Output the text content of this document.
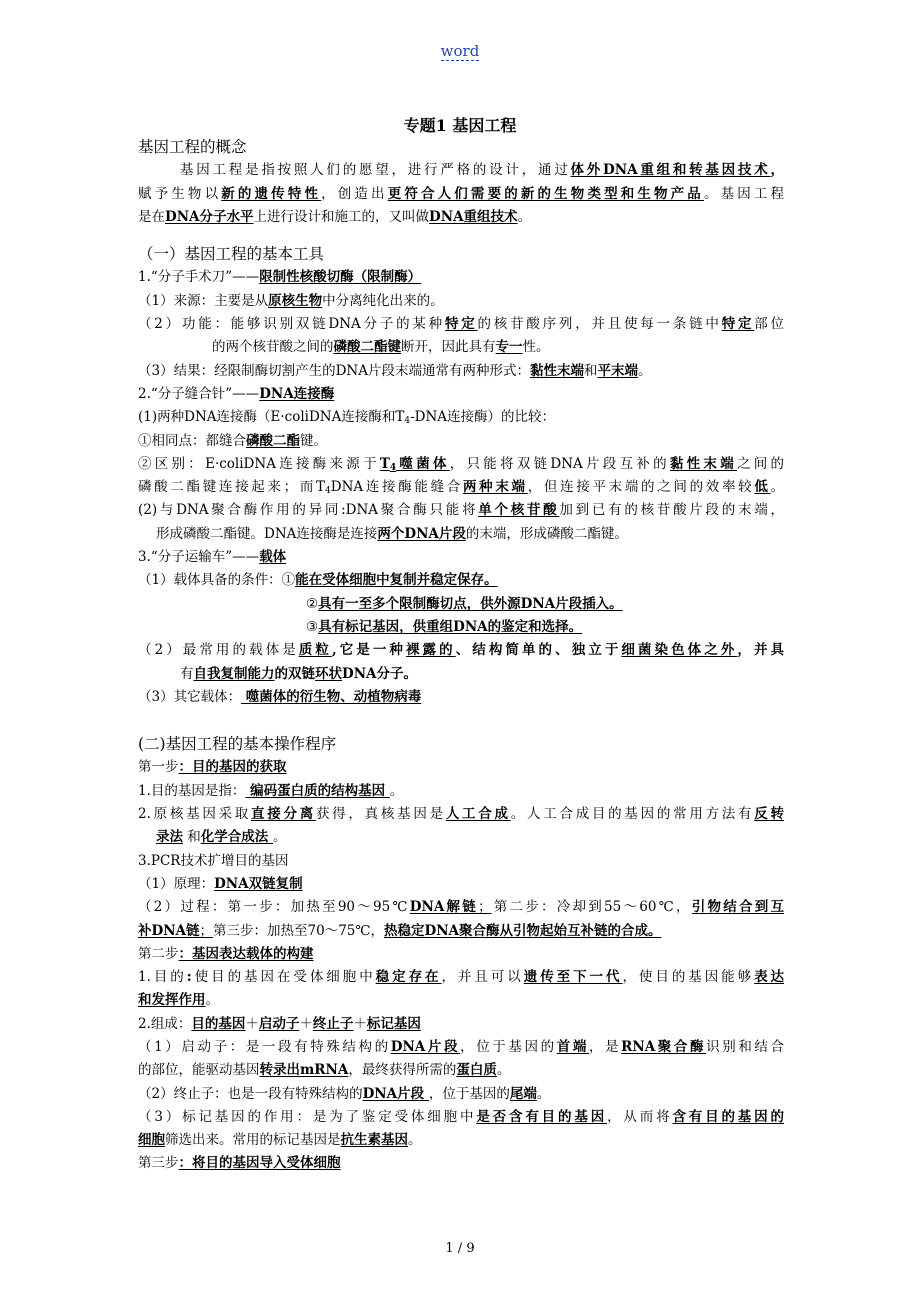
word
专题1 基因工程
基因工程的概念
基因工程是指按照人们的愿望，进行严格的设计，通过体外DNA重组和转基因技术，
赋予生物以新的遗传特性，创造出更符合人们需要的新的生物类型和生物产品。基因工程
是在DNA分子水平上进行设计和施工的，又叫做DNA重组技术。
（一）基因工程的基本工具
1.“分子手术刀”——限制性核酸切酶（限制酶）
（1）来源：主要是从原核生物中分离纯化出来的。
（2）功能：能够识别双链DNA分子的某种特定的核苷酸序列，并且使每一条链中特定部位
的两个核苷酸之间的磷酸二酯键断开，因此具有专一性。
（3）结果：经限制酶切割产生的DNA片段末端通常有两种形式：黏性末端和平末端。
2.“分子缝合针”——DNA连接酶
(1)两种DNA连接酶（E·coliDNA连接酶和$T_4$-DNA连接酶）的比较：
①相同点：都缝合磷酸二酯键。
②区别：E·coliDNA连接酶来源于$T_4$噬菌体，只能将双链DNA片段互补的黏性末端之间的
磷酸二酯键连接起来；而$T_4DNA$连接酶能缝合两种末端，但连接平末端的之间的效率较低。
(2)与DNA聚合酶作用的异同:DNA聚合酶只能将单个核苷酸加到已有的核苷酸片段的末端，
形成磷酸二酯键。DNA连接酶是连接两个DNA片段的末端，形成磷酸二酯键。
3.“分子运输车”——载体
（1）载体具备的条件：①能在受体细胞中复制并稳定保存。
②具有一至多个限制酶切点，供外源DNA片段插入。
③具有标记基因，供重组DNA的鉴定和选择。
（2）最常用的载体是质粒,它是一种裸露的、结构简单的、独立于细菌染色体之外，并具
有自我复制能力的双链环状DNA分子。
（3）其它载体： 噬菌体的衍生物、动植物病毒
(二)基因工程的基本操作程序
第一步：目的基因的获取
1.目的基因是指： 编码蛋白质的结构基因 。
2.原核基因采取直接分离获得，真核基因是人工合成。人工合成目的基因的常用方法有反转
录法 和化学合成法 。
3.PCR技术扩增目的基因
（1）原理：DNA双链复制
（2）过程：第一步：加热至90～95℃DNA解链；第二步：冷却到55～60℃，引物结合到互
补DNA链；第三步：加热至70～75℃，热稳定DNA聚合酶从引物起始互补链的合成。
第二步：基因表达载体的构建
1.目的:使目的基因在受体细胞中稳定存在，并且可以遗传至下一代，使目的基因能够表达
和发挥作用。
2.组成：目的基因＋启动子＋终止子＋标记基因
（1）启动子：是一段有特殊结构的DNA片段，位于基因的首端，是RNA聚合酶识别和结合
的部位，能驱动基因转录出mRNA，最终获得所需的蛋白质。
（2）终止子：也是一段有特殊结构的DNA片段 ，位于基因的尾端。
（3）标记基因的作用：是为了鉴定受体细胞中是否含有目的基因，从而将含有目的基因的
细胞筛选出来。常用的标记基因是抗生素基因。
第三步：将目的基因导入受体细胞
1 / 9
